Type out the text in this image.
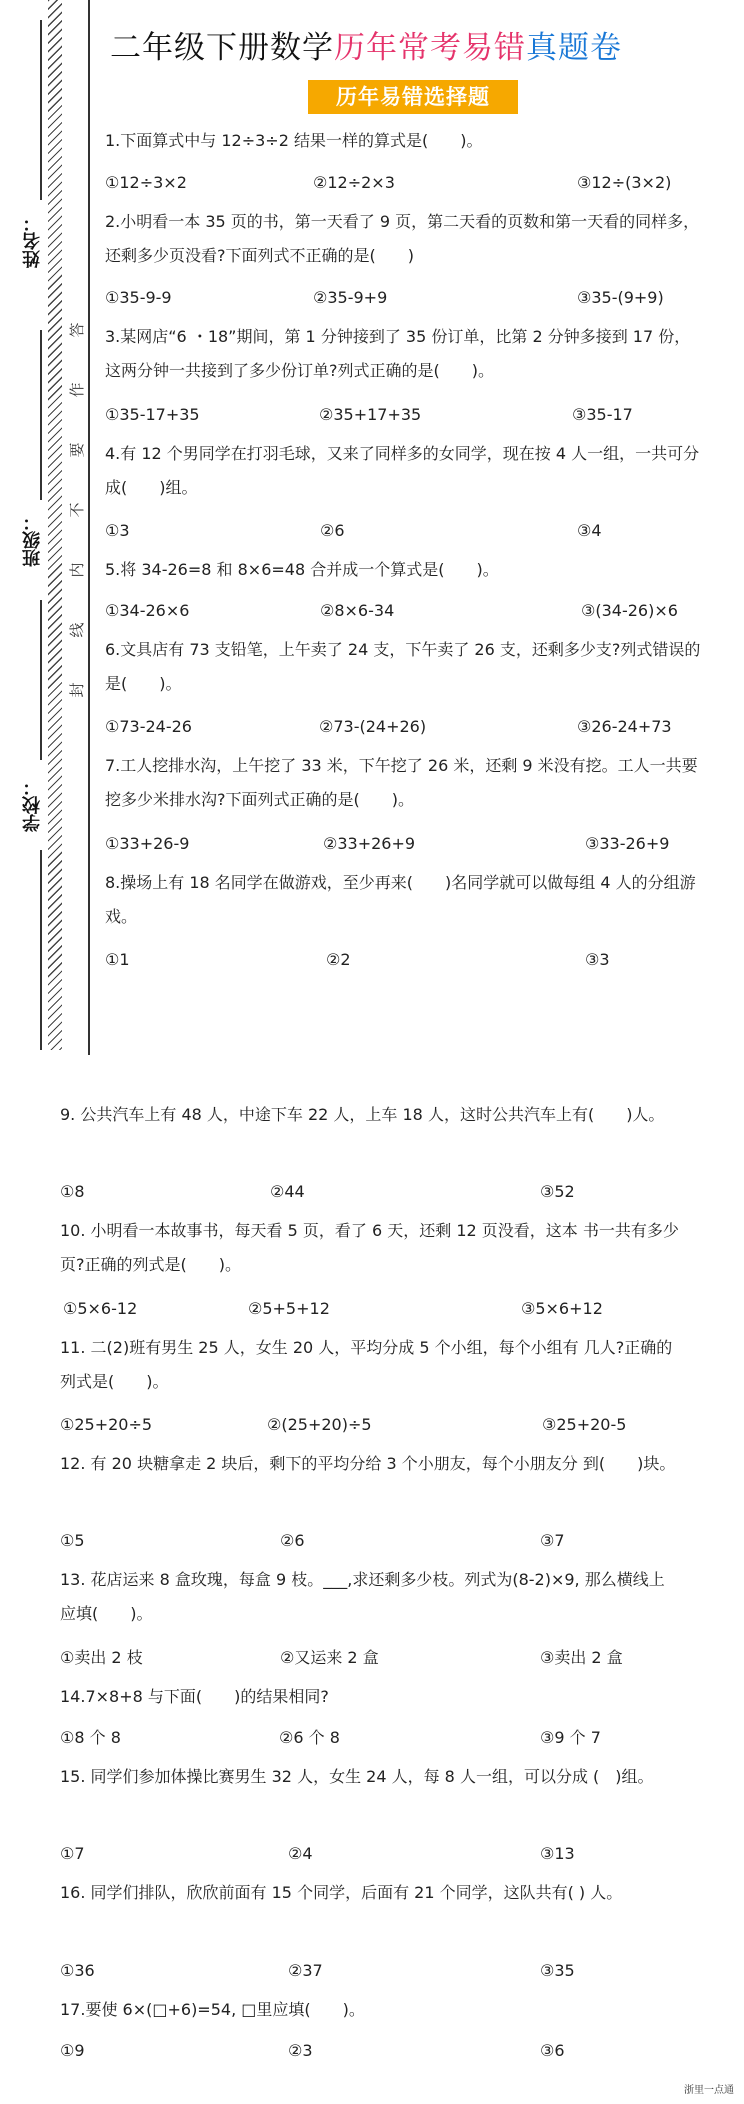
姓名：
班级：
学校：
答
作
要
不
内
线
封
二年级下册数学历年常考易错真题卷
历年易错选择题
1.下面算式中与 12÷3÷2 结果一样的算式是(　　)。
①12÷3×2	②12÷2×3	③12÷(3×2)
2.小明看一本 35 页的书，第一天看了 9 页，第二天看的页数和第一天看的同样多，还剩多少页没看?下面列式不正确的是(　　)
①35-9-9	②35-9+9	③35-(9+9)
3.某网店“6 ・18”期间，第 1 分钟接到了 35 份订单，比第 2 分钟多接到 17 份，这两分钟一共接到了多少份订单?列式正确的是(　　)。
①35-17+35	②35+17+35	③35-17
4.有 12 个男同学在打羽毛球，又来了同样多的女同学，现在按 4 人一组，一共可分成(　　)组。
①3	②6	③4
5.将 34-26=8 和 8×6=48 合并成一个算式是(　　)。
①34-26×6	②8×6-34	③(34-26)×6
6.文具店有 73 支铅笔，上午卖了 24 支，下午卖了 26 支，还剩多少支?列式错误的是(　　)。
①73-24-26	②73-(24+26)	③26-24+73
7.工人挖排水沟，上午挖了 33 米，下午挖了 26 米，还剩 9 米没有挖。工人一共要挖多少米排水沟?下面列式正确的是(　　)。
①33+26-9	②33+26+9	③33-26+9
8.操场上有 18 名同学在做游戏，至少再来(　　)名同学就可以做每组 4 人的分组游戏。
①1	②2	③3
9. 公共汽车上有 48 人，中途下车 22 人，上车 18 人，这时公共汽车上有(　　)人。
①8	②44	③52
10. 小明看一本故事书，每天看 5 页，看了 6 天，还剩 12 页没看，这本 书一共有多少页?正确的列式是(　　)。
①5×6-12	②5+5+12	③5×6+12
11. 二(2)班有男生 25 人，女生 20 人，平均分成 5 个小组，每个小组有 几人?正确的列式是(　　)。
①25+20÷5	②(25+20)÷5	③25+20-5
12. 有 20 块糖拿走 2 块后，剩下的平均分给 3 个小朋友，每个小朋友分 到(　　)块。
①5	②6	③7
13. 花店运来 8 盒玫瑰，每盒 9 枝。___,求还剩多少枝。列式为(8-2)×9, 那么横线上应填(　　)。
①卖出 2 枝	②又运来 2 盒	③卖出 2 盒
14.7×8+8 与下面(　　)的结果相同?
①8 个 8	②6 个 8	③9 个 7
15. 同学们参加体操比赛男生 32 人，女生 24 人，每 8 人一组，可以分成 (　)组。
①7	②4	③13
16. 同学们排队，欣欣前面有 15 个同学，后面有 21 个同学，这队共有( ) 人。
①36	②37	③35
17.要使 6×(□+6)=54, □里应填(　　)。
①9	②3	③6
浙里一点通
